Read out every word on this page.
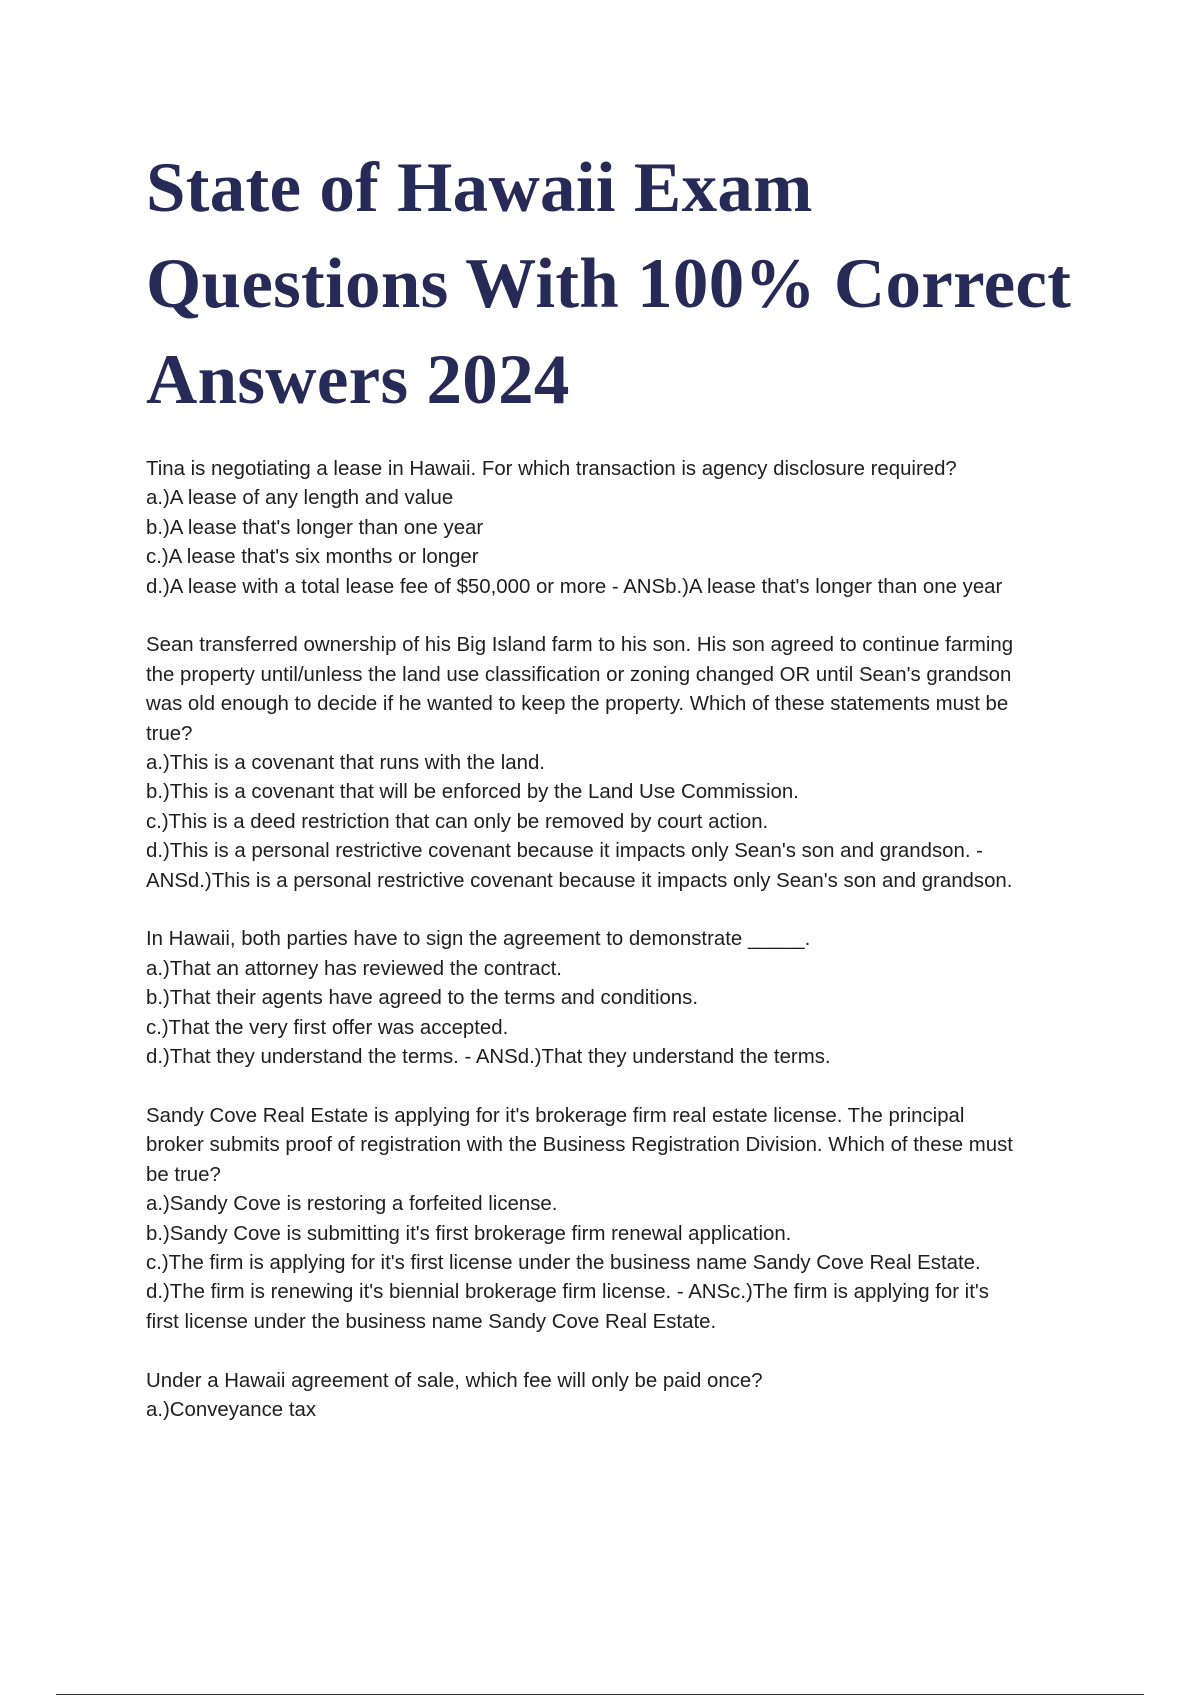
State of Hawaii Exam
Questions With 100% Correct
Answers 2024
Tina is negotiating a lease in Hawaii. For which transaction is agency disclosure required?
a.)A lease of any length and value
b.)A lease that's longer than one year
c.)A lease that's six months or longer
d.)A lease with a total lease fee of $50,000 or more - ANSb.)A lease that's longer than one year
Sean transferred ownership of his Big Island farm to his son. His son agreed to continue farming
the property until/unless the land use classification or zoning changed OR until Sean's grandson
was old enough to decide if he wanted to keep the property. Which of these statements must be
true?
a.)This is a covenant that runs with the land.
b.)This is a covenant that will be enforced by the Land Use Commission.
c.)This is a deed restriction that can only be removed by court action.
d.)This is a personal restrictive covenant because it impacts only Sean's son and grandson. -
ANSd.)This is a personal restrictive covenant because it impacts only Sean's son and grandson.
In Hawaii, both parties have to sign the agreement to demonstrate _____.
a.)That an attorney has reviewed the contract.
b.)That their agents have agreed to the terms and conditions.
c.)That the very first offer was accepted.
d.)That they understand the terms. - ANSd.)That they understand the terms.
Sandy Cove Real Estate is applying for it's brokerage firm real estate license. The principal
broker submits proof of registration with the Business Registration Division. Which of these must
be true?
a.)Sandy Cove is restoring a forfeited license.
b.)Sandy Cove is submitting it's first brokerage firm renewal application.
c.)The firm is applying for it's first license under the business name Sandy Cove Real Estate.
d.)The firm is renewing it's biennial brokerage firm license. - ANSc.)The firm is applying for it's
first license under the business name Sandy Cove Real Estate.
Under a Hawaii agreement of sale, which fee will only be paid once?
a.)Conveyance tax
